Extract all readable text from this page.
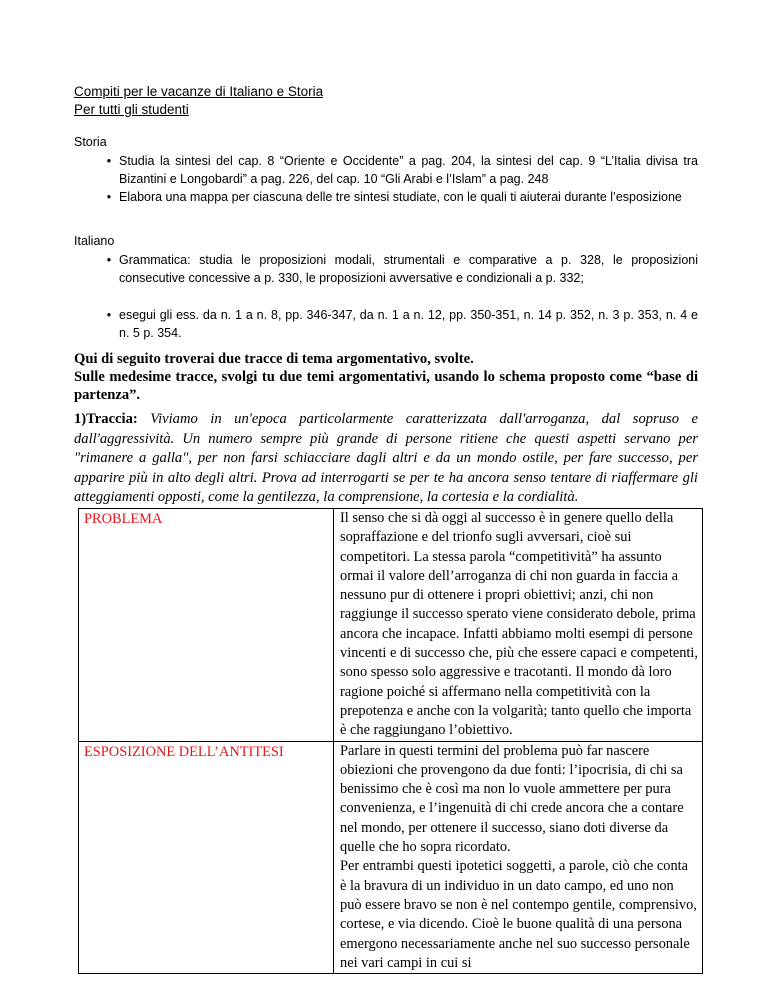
Compiti per le vacanze di Italiano e Storia
Per tutti gli studenti
Storia
• Studia la sintesi del cap. 8 “Oriente e Occidente” a pag. 204, la sintesi del cap. 9 “L’Italia divisa tra Bizantini e Longobardi” a pag. 226, del cap. 10 “Gli Arabi e l’Islam” a pag. 248
• Elabora una mappa per ciascuna delle tre sintesi studiate, con le quali ti aiuterai durante l’esposizione
Italiano
• Grammatica: studia le proposizioni modali, strumentali e comparative a p. 328, le proposizioni consecutive concessive a p. 330, le proposizioni avversative e condizionali a p. 332;
• esegui gli ess. da n. 1 a n. 8, pp. 346-347, da n. 1 a n. 12, pp. 350-351, n. 14 p. 352, n. 3 p. 353, n. 4 e n. 5 p. 354.
Qui di seguito troverai due tracce di tema argomentativo, svolte.
Sulle medesime tracce, svolgi tu due temi argomentativi, usando lo schema proposto come “base di partenza”.
1)Traccia: Viviamo in un'epoca particolarmente caratterizzata dall'arroganza, dal sopruso e dall'aggressività. Un numero sempre più grande di persone ritiene che questi aspetti servano per "rimanere a galla", per non farsi schiacciare dagli altri e da un mondo ostile, per fare successo, per apparire più in alto degli altri. Prova ad interrogarti se per te ha ancora senso tentare di riaffermare gli atteggiamenti opposti, come la gentilezza, la comprensione, la cortesia e la cordialità.
PROBLEMA	Il senso che si dà oggi al successo è in genere quello della sopraffazione e del trionfo sugli avversari, cioè sui competitori. La stessa parola “competitività” ha assunto ormai il valore dell’arroganza di chi non guarda in faccia a nessuno pur di ottenere i propri obiettivi; anzi, chi non raggiunge il successo sperato viene considerato debole, prima ancora che incapace. Infatti abbiamo molti esempi di persone vincenti e di successo che, più che essere capaci e competenti, sono spesso solo aggressive e tracotanti. Il mondo dà loro ragione poiché si affermano nella competitività con la prepotenza e anche con la volgarità; tanto quello che importa è che raggiungano l’obiettivo.
ESPOSIZIONE DELL’ANTITESI	Parlare in questi termini del problema può far nascere obiezioni che provengono da due fonti: l’ipocrisia, di chi sa benissimo che è così ma non lo vuole ammettere per pura convenienza, e l’ingenuità di chi crede ancora che a contare nel mondo, per ottenere il successo, siano doti diverse da quelle che ho sopra ricordato.
Per entrambi questi ipotetici soggetti, a parole, ciò che conta è la bravura di un individuo in un dato campo, ed uno non può essere bravo se non è nel contempo gentile, comprensivo, cortese, e via dicendo. Cioè le buone qualità di una persona emergono necessariamente anche nel suo successo personale nei vari campi in cui si
